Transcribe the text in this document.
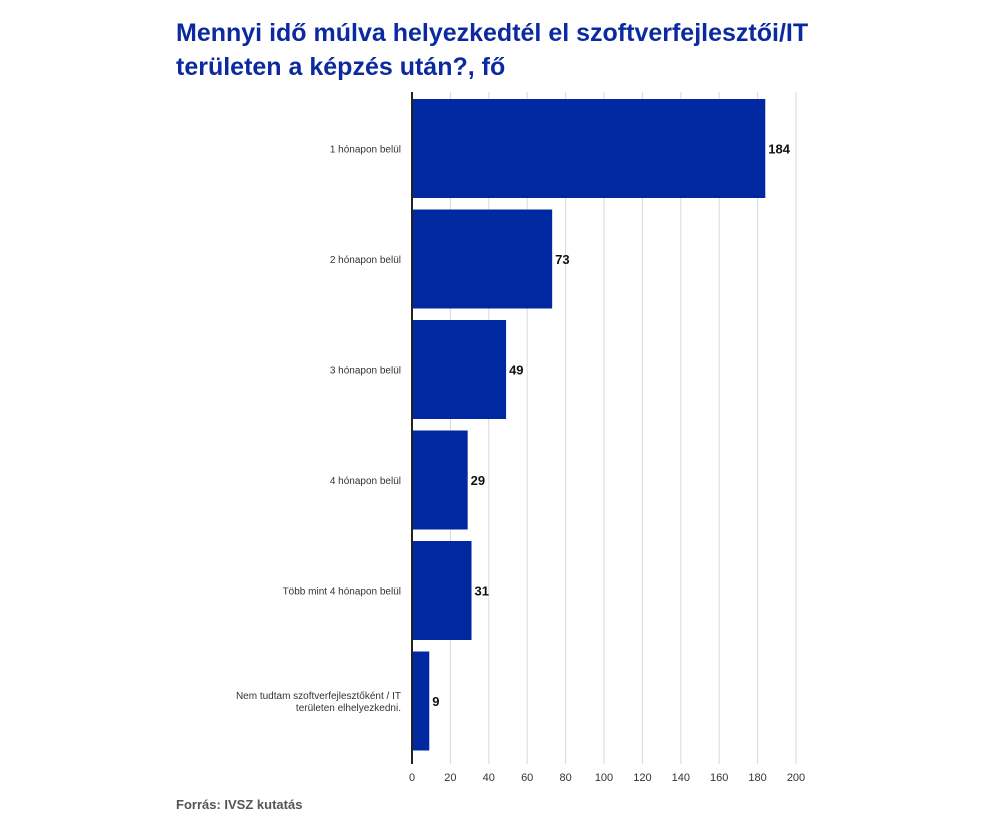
Mennyi idő múlva helyezkedtél el szoftverfejlesztői/IT területen a képzés után?, fő
184
73
49
29
31
9
1 hónapon belül
2 hónapon belül
3 hónapon belül
4 hónapon belül
Több mint 4 hónapon belül
Nem tudtam szoftverfejlesztőként / IT területen elhelyezkedni.
0	20 40 60 80 100 120 140 160 180 200
Forrás: IVSZ kutatás
